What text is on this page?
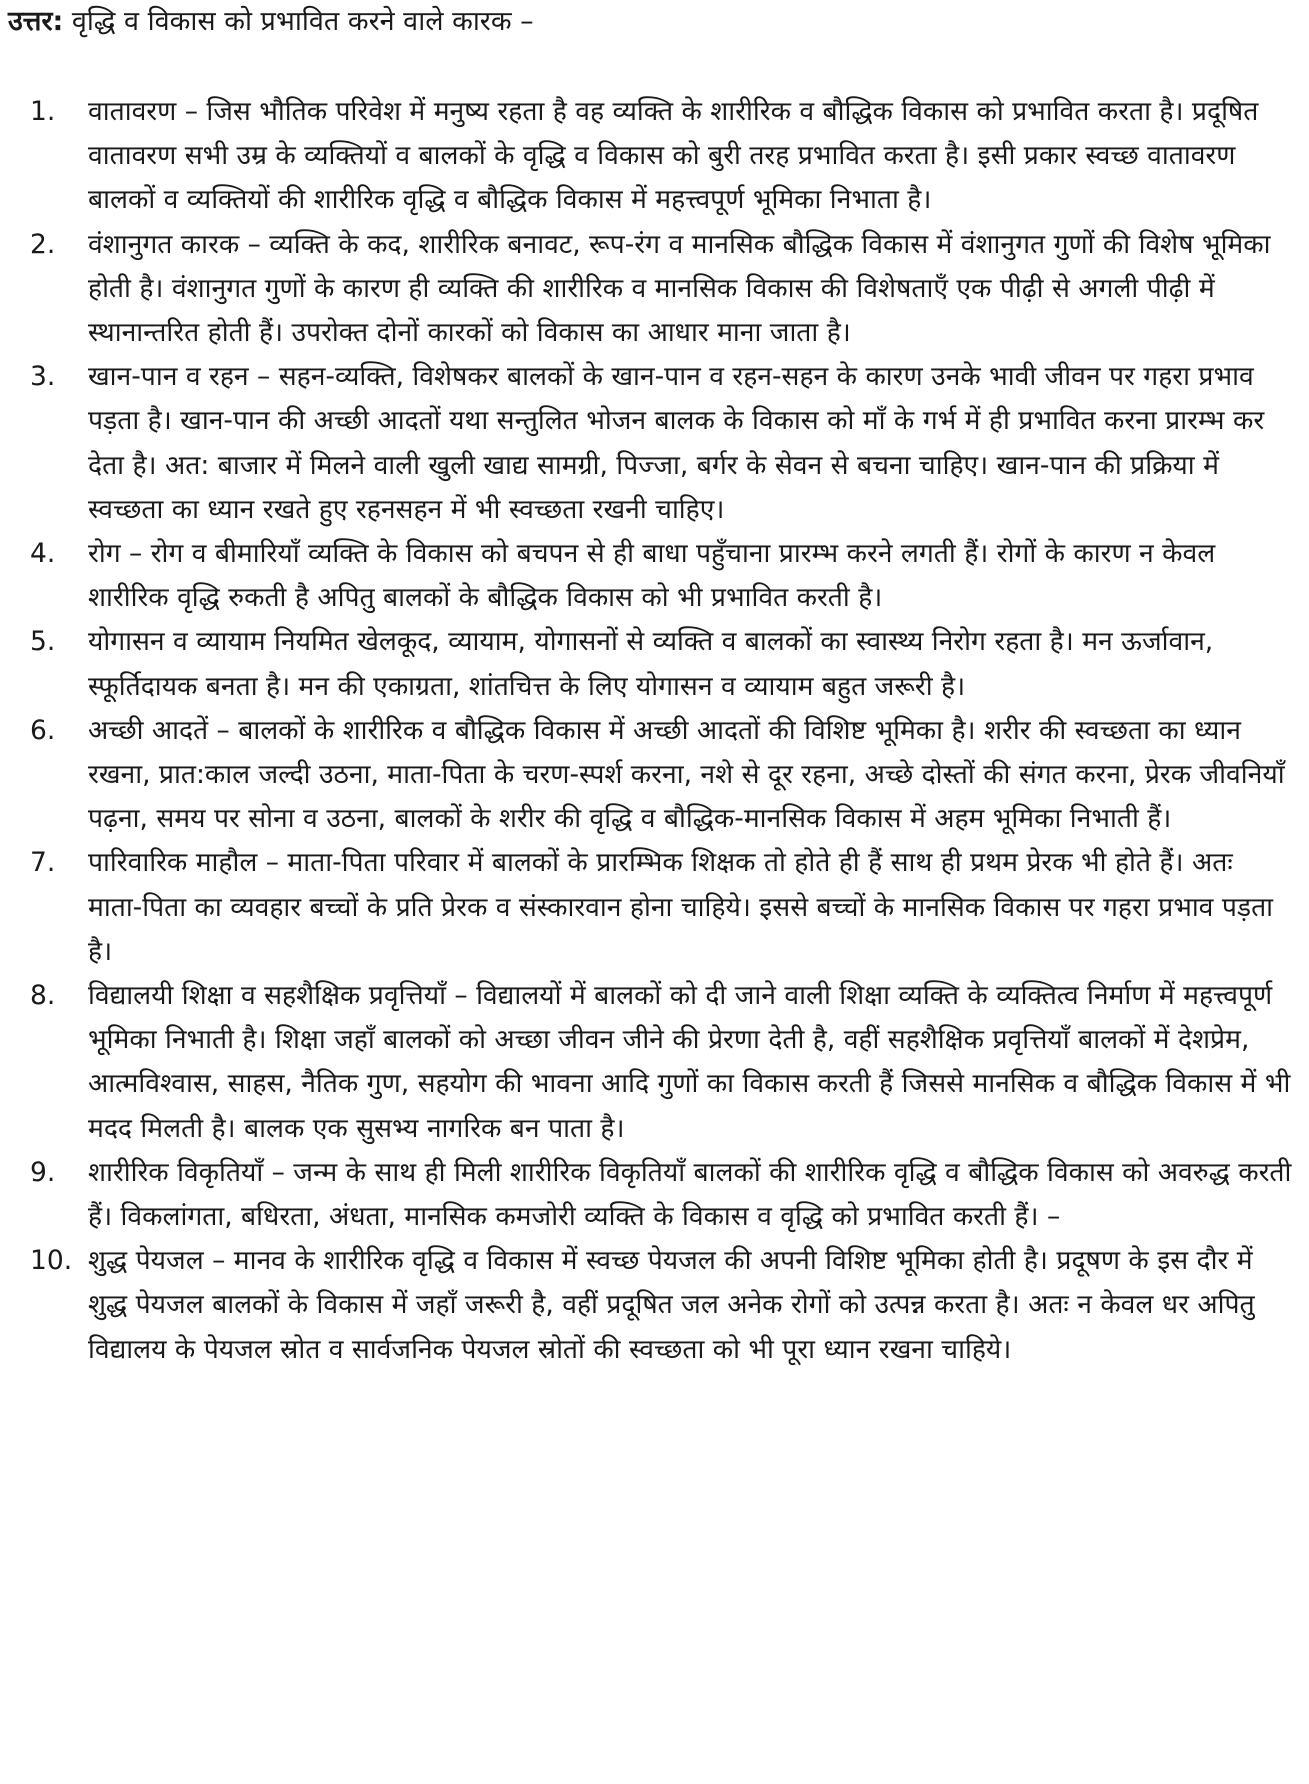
उत्तर: वृद्धि व विकास को प्रभावित करने वाले कारक –

1.	वातावरण – जिस भौतिक परिवेश में मनुष्य रहता है वह व्यक्ति के शारीरिक व बौद्धिक विकास को प्रभावित करता है। प्रदूषित वातावरण सभी उम्र के व्यक्तियों व बालकों के वृद्धि व विकास को बुरी तरह प्रभावित करता है। इसी प्रकार स्वच्छ वातावरण बालकों व व्यक्तियों की शारीरिक वृद्धि व बौद्धिक विकास में महत्त्वपूर्ण भूमिका निभाता है।
2.	वंशानुगत कारक – व्यक्ति के कद, शारीरिक बनावट, रूप-रंग व मानसिक बौद्धिक विकास में वंशानुगत गुणों की विशेष भूमिका होती है। वंशानुगत गुणों के कारण ही व्यक्ति की शारीरिक व मानसिक विकास की विशेषताएँ एक पीढ़ी से अगली पीढ़ी में स्थानान्तरित होती हैं। उपरोक्त दोनों कारकों को विकास का आधार माना जाता है।
3.	खान-पान व रहन – सहन-व्यक्ति, विशेषकर बालकों के खान-पान व रहन-सहन के कारण उनके भावी जीवन पर गहरा प्रभाव पड़ता है। खान-पान की अच्छी आदतों यथा सन्तुलित भोजन बालक के विकास को माँ के गर्भ में ही प्रभावित करना प्रारम्भ कर देता है। अत: बाजार में मिलने वाली खुली खाद्य सामग्री, पिज्जा, बर्गर के सेवन से बचना चाहिए। खान-पान की प्रक्रिया में स्वच्छता का ध्यान रखते हुए रहनसहन में भी स्वच्छता रखनी चाहिए।
4.	रोग – रोग व बीमारियाँ व्यक्ति के विकास को बचपन से ही बाधा पहुँचाना प्रारम्भ करने लगती हैं। रोगों के कारण न केवल शारीरिक वृद्धि रुकती है अपितु बालकों के बौद्धिक विकास को भी प्रभावित करती है।
5.	योगासन व व्यायाम नियमित खेलकूद, व्यायाम, योगासनों से व्यक्ति व बालकों का स्वास्थ्य निरोग रहता है। मन ऊर्जावान, स्फूर्तिदायक बनता है। मन की एकाग्रता, शांतचित्त के लिए योगासन व व्यायाम बहुत जरूरी है।
6.	अच्छी आदतें – बालकों के शारीरिक व बौद्धिक विकास में अच्छी आदतों की विशिष्ट भूमिका है। शरीर की स्वच्छता का ध्यान रखना, प्रात:काल जल्दी उठना, माता-पिता के चरण-स्पर्श करना, नशे से दूर रहना, अच्छे दोस्तों की संगत करना, प्रेरक जीवनियाँ पढ़ना, समय पर सोना व उठना, बालकों के शरीर की वृद्धि व बौद्धिक-मानसिक विकास में अहम भूमिका निभाती हैं।
7.	पारिवारिक माहौल – माता-पिता परिवार में बालकों के प्रारम्भिक शिक्षक तो होते ही हैं साथ ही प्रथम प्रेरक भी होते हैं। अतः माता-पिता का व्यवहार बच्चों के प्रति प्रेरक व संस्कारवान होना चाहिये। इससे बच्चों के मानसिक विकास पर गहरा प्रभाव पड़ता है।
8.	विद्यालयी शिक्षा व सहशैक्षिक प्रवृत्तियाँ – विद्यालयों में बालकों को दी जाने वाली शिक्षा व्यक्ति के व्यक्तित्व निर्माण में महत्त्वपूर्ण भूमिका निभाती है। शिक्षा जहाँ बालकों को अच्छा जीवन जीने की प्रेरणा देती है, वहीं सहशैक्षिक प्रवृत्तियाँ बालकों में देशप्रेम, आत्मविश्वास, साहस, नैतिक गुण, सहयोग की भावना आदि गुणों का विकास करती हैं जिससे मानसिक व बौद्धिक विकास में भी मदद मिलती है। बालक एक सुसभ्य नागरिक बन पाता है।
9.	शारीरिक विकृतियाँ – जन्म के साथ ही मिली शारीरिक विकृतियाँ बालकों की शारीरिक वृद्धि व बौद्धिक विकास को अवरुद्ध करती हैं। विकलांगता, बधिरता, अंधता, मानसिक कमजोरी व्यक्ति के विकास व वृद्धि को प्रभावित करती हैं। –
10. शुद्ध पेयजल – मानव के शारीरिक वृद्धि व विकास में स्वच्छ पेयजल की अपनी विशिष्ट भूमिका होती है। प्रदूषण के इस दौर में शुद्ध पेयजल बालकों के विकास में जहाँ जरूरी है, वहीं प्रदूषित जल अनेक रोगों को उत्पन्न करता है। अतः न केवल धर अपितु विद्यालय के पेयजल स्रोत व सार्वजनिक पेयजल स्रोतों की स्वच्छता को भी पूरा ध्यान रखना चाहिये।
